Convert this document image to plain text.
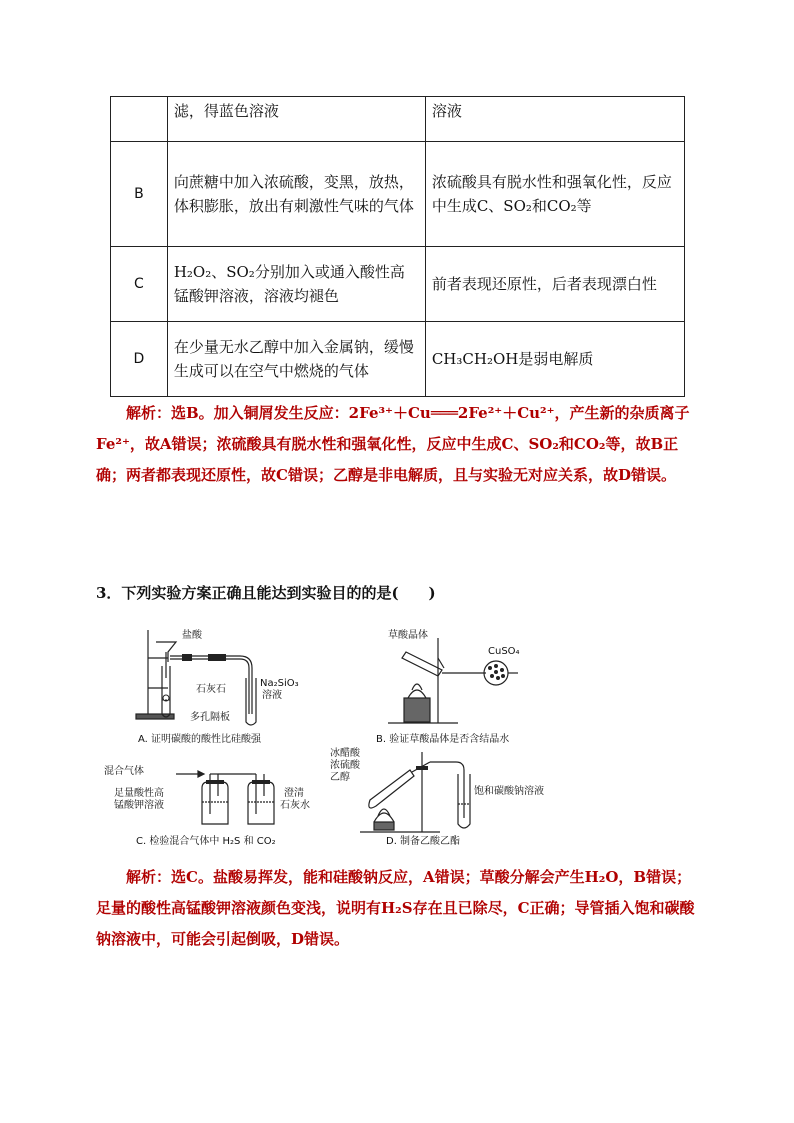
	滤，得蓝色溶液	溶液
B	向蔗糖中加入浓硫酸，变黑，放热，体积膨胀，放出有刺激性气味的气体	浓硫酸具有脱水性和强氧化性，反应中生成C、SO₂和CO₂等
C	H₂O₂、SO₂分别加入或通入酸性高锰酸钾溶液，溶液均褪色	前者表现还原性，后者表现漂白性
D	在少量无水乙醇中加入金属钠，缓慢生成可以在空气中燃烧的气体	CH₃CH₂OH是弱电解质

解析：选B。加入铜屑发生反应：2Fe³⁺＋Cu═══2Fe²⁺＋Cu²⁺，产生新的杂质离子Fe²⁺，故A错误；浓硫酸具有脱水性和强氧化性，反应中生成C、SO₂和CO₂等，故B正确；两者都表现还原性，故C错误；乙醇是非电解质，且与实验无对应关系，故D错误。

3．下列实验方案正确且能达到实验目的的是(　　)
盐酸
石灰石
多孔隔板
Na₂SiO₃
溶液
A. 证明碳酸的酸性比硅酸强
草酸晶体
CuSO₄
B. 验证草酸晶体是否含结晶水
混合气体
足量酸性高
锰酸钾溶液
澄清
石灰水
C. 检验混合气体中 H₂S 和 CO₂
冰醋酸
浓硫酸
乙醇
饱和碳酸钠溶液
D. 制备乙酸乙酯

解析：选C。盐酸易挥发，能和硅酸钠反应，A错误；草酸分解会产生H₂O，B错误；足量的酸性高锰酸钾溶液颜色变浅，说明有H₂S存在且已除尽，C正确；导管插入饱和碳酸钠溶液中，可能会引起倒吸，D错误。
